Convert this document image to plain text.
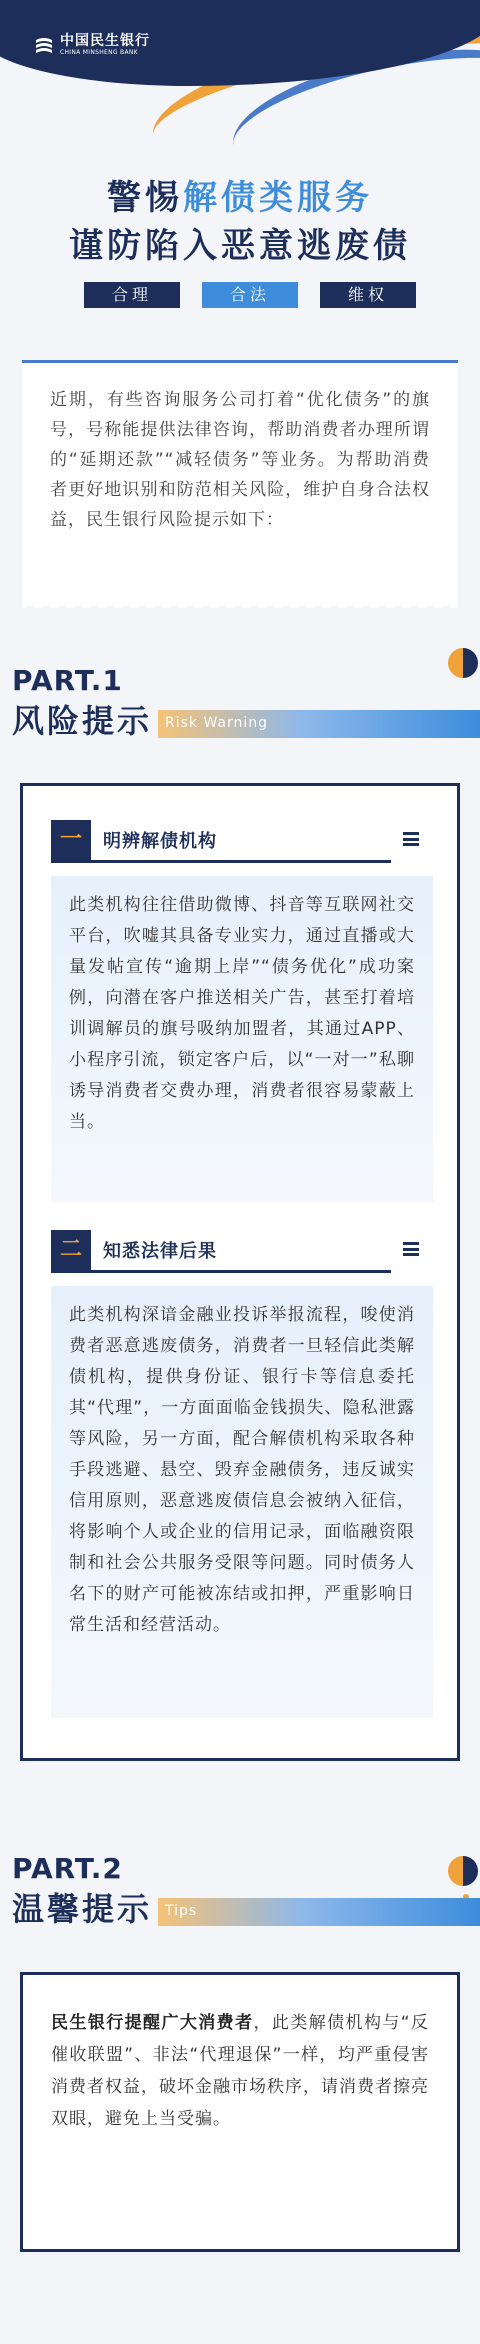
中国民生银行
CHINA MINSHENG BANK
警惕解债类服务
谨防陷入恶意逃废债
合理	合法	维权

近期，有些咨询服务公司打着“优化债务”的旗号，号称能提供法律咨询，帮助消费者办理所谓的“延期还款”“减轻债务”等业务。为帮助消费者更好地识别和防范相关风险，维护自身合法权益，民生银行风险提示如下：

PART.1
Risk Warning
风险提示
一	明辨解债机构

此类机构往往借助微博、抖音等互联网社交平台，吹嘘其具备专业实力，通过直播或大量发帖宣传“逾期上岸”“债务优化”成功案例，向潜在客户推送相关广告，甚至打着培训调解员的旗号吸纳加盟者，其通过APP、小程序引流，锁定客户后，以“一对一”私聊诱导消费者交费办理，消费者很容易蒙蔽上当。

二	知悉法律后果

此类机构深谙金融业投诉举报流程，唆使消费者恶意逃废债务，消费者一旦轻信此类解债机构，提供身份证、银行卡等信息委托其“代理”，一方面面临金钱损失、隐私泄露等风险，另一方面，配合解债机构采取各种手段逃避、悬空、毁弃金融债务，违反诚实信用原则，恶意逃废债信息会被纳入征信，将影响个人或企业的信用记录，面临融资限制和社会公共服务受限等问题。同时债务人名下的财产可能被冻结或扣押，严重影响日常生活和经营活动。

PART.2
Tips
温馨提示

民生银行提醒广大消费者，此类解债机构与“反催收联盟”、非法“代理退保”一样，均严重侵害消费者权益，破坏金融市场秩序，请消费者擦亮双眼，避免上当受骗。
